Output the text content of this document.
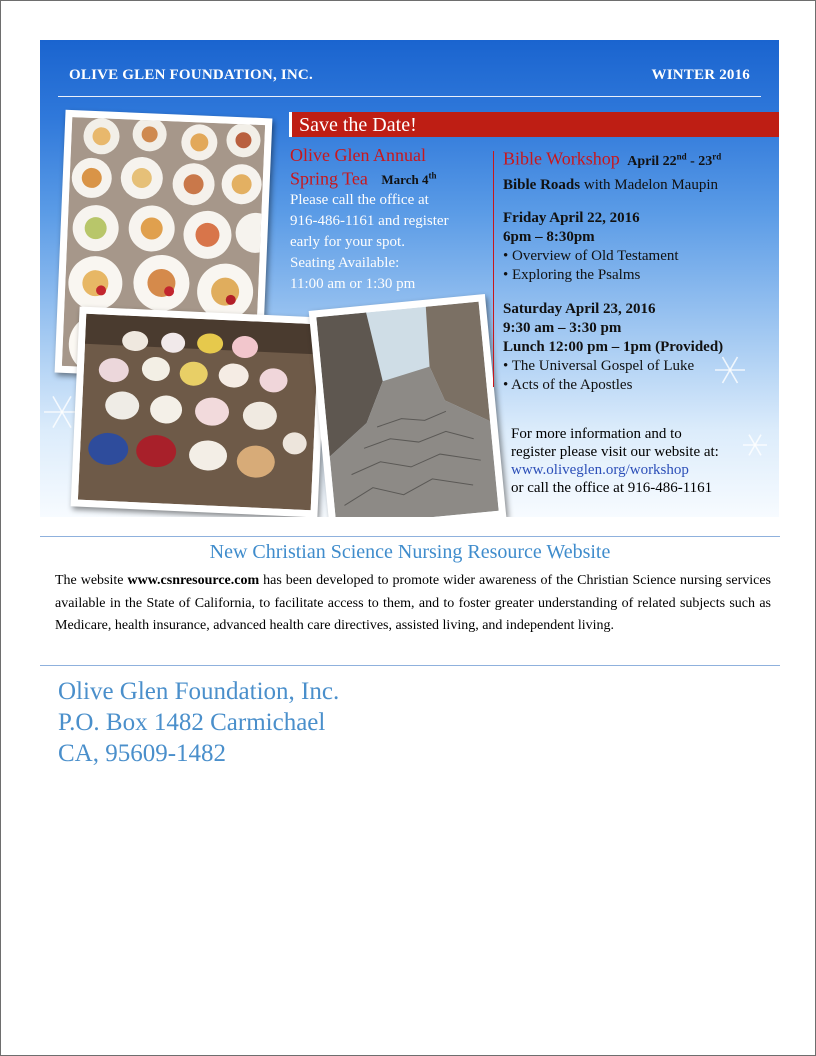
OLIVE GLEN FOUNDATION, INC.	WINTER 2016
Save the Date!
Olive Glen Annual
Spring Tea March 4th
Please call the office at
916-486-1161 and register
early for your spot.
Seating Available:
11:00 am or 1:30 pm
Bible Workshop April 22nd - 23rd
Bible Roads with Madelon Maupin
Friday April 22, 2016
6pm – 8:30pm
• Overview of Old Testament
• Exploring the Psalms
Saturday April 23, 2016
9:30 am – 3:30 pm
Lunch 12:00 pm – 1pm (Provided)
• The Universal Gospel of Luke
• Acts of the Apostles
For more information and to
register please visit our website at:
www.oliveglen.org/workshop
or call the office at 916-486-1161
New Christian Science Nursing Resource Website
The website www.csnresource.com has been developed to promote wider awareness of the Christian Science nursing services available in the State of California, to facilitate access to them, and to foster greater understanding of related subjects such as Medicare, health insurance, advanced health care directives, assisted living, and independent living.
Olive Glen Foundation, Inc.
P.O. Box 1482 Carmichael
CA, 95609-1482
